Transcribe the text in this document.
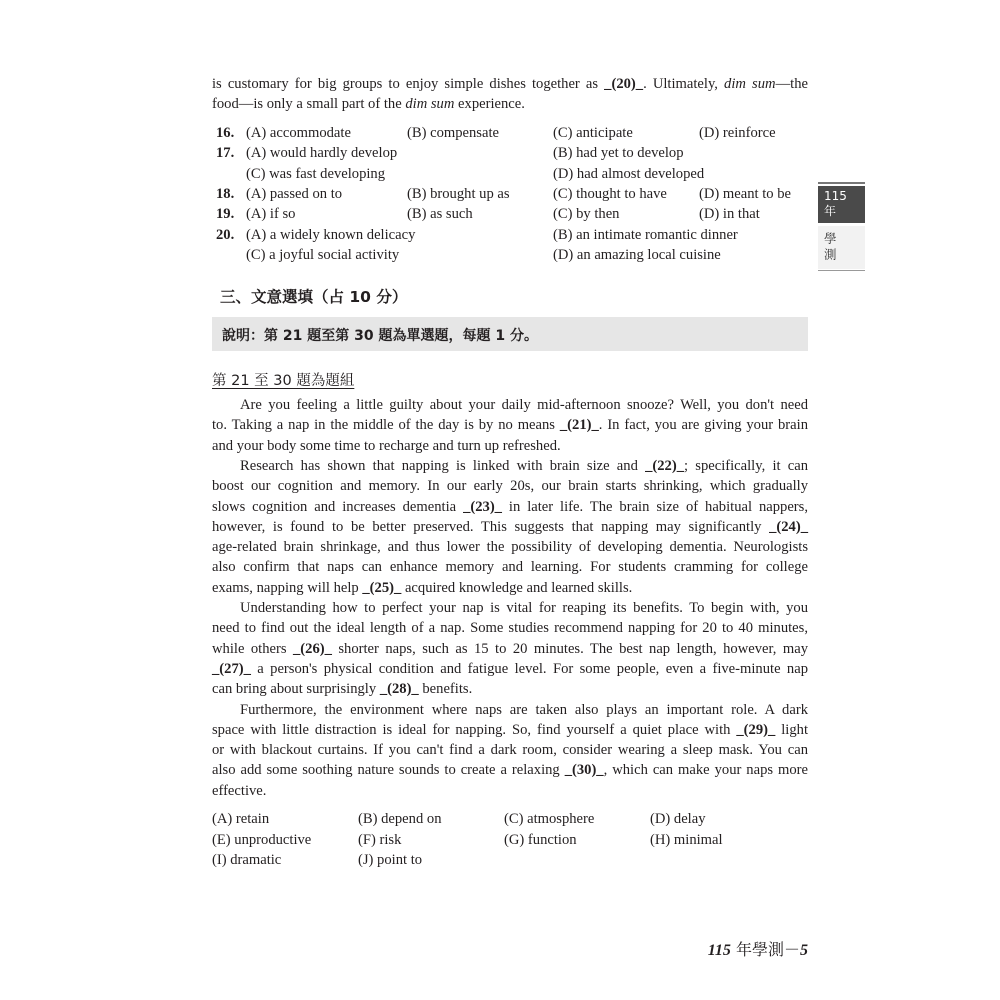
is customary for big groups to enjoy simple dishes together as _(20)_. Ultimately, dim sum—the
food—is only a small part of the dim sum experience.
16. (A) accommodate	(B) compensate	(C) anticipate	(D) reinforce
17. (A) would hardly develop	(B) had yet to develop
(C) was fast developing	(D) had almost developed
18. (A) passed on to	(B) brought up as	(C) thought to have (D) meant to be
19. (A) if so	(B) as such	(C) by then	(D) in that
20. (A) a widely known delicacy	(B) an intimate romantic dinner
(C) a joyful social activity	(D) an amazing local cuisine
115
年
學
測
三、文意選填（占 10 分）
說明：第 21 題至第 30 題為單選題，每題 1 分。
第 21 至 30 題為題組
Are you feeling a little guilty about your daily mid-afternoon snooze? Well, you don't need
to. Taking a nap in the middle of the day is by no means _(21)_. In fact, you are giving your brain
and your body some time to recharge and turn up refreshed.
Research has shown that napping is linked with brain size and _(22)_; specifically, it can
boost our cognition and memory. In our early 20s, our brain starts shrinking, which gradually
slows cognition and increases dementia _(23)_ in later life. The brain size of habitual nappers,
however, is found to be better preserved. This suggests that napping may significantly _(24)_
age-related brain shrinkage, and thus lower the possibility of developing dementia. Neurologists
also confirm that naps can enhance memory and learning. For students cramming for college
exams, napping will help _(25)_ acquired knowledge and learned skills.
Understanding how to perfect your nap is vital for reaping its benefits. To begin with, you
need to find out the ideal length of a nap. Some studies recommend napping for 20 to 40 minutes,
while others _(26)_ shorter naps, such as 15 to 20 minutes. The best nap length, however, may
_(27)_ a person's physical condition and fatigue level. For some people, even a five-minute nap
can bring about surprisingly _(28)_ benefits.
Furthermore, the environment where naps are taken also plays an important role. A dark
space with little distraction is ideal for napping. So, find yourself a quiet place with _(29)_ light
or with blackout curtains. If you can't find a dark room, consider wearing a sleep mask. You can
also add some soothing nature sounds to create a relaxing _(30)_, which can make your naps more
effective.
(A) retain	(B) depend on	(C) atmosphere	(D) delay
(E) unproductive	(F) risk	(G) function	(H) minimal
(I) dramatic	(J) point to
115 年學測－5
